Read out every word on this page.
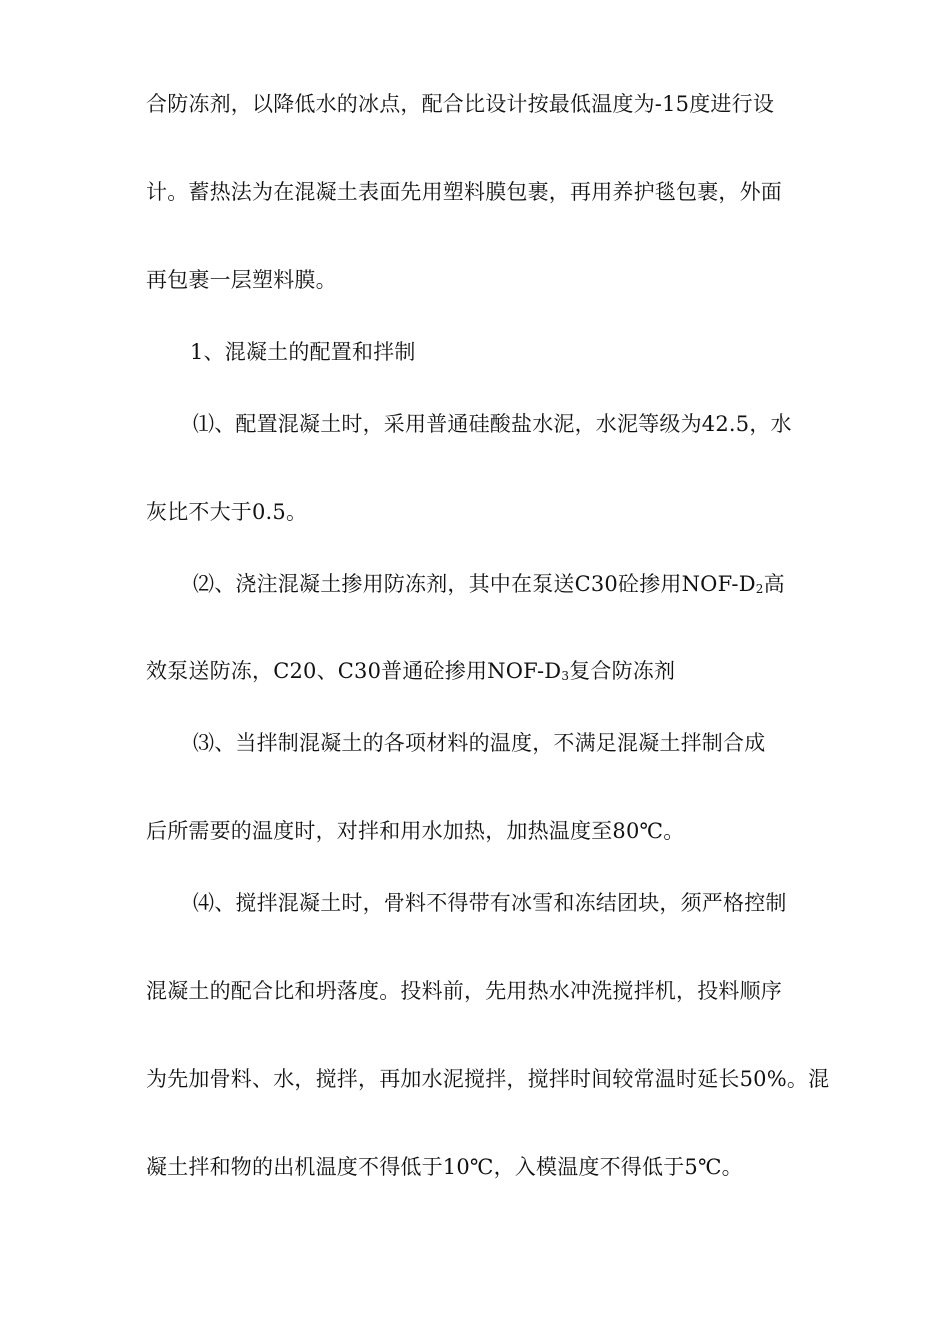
合防冻剂，以降低水的冰点，配合比设计按最低温度为-15度进行设
计。蓄热法为在混凝土表面先用塑料膜包裹，再用养护毯包裹，外面
再包裹一层塑料膜。
1、混凝土的配置和拌制
⑴、配置混凝土时，采用普通硅酸盐水泥，水泥等级为42.5，水
灰比不大于0.5。
⑵、浇注混凝土掺用防冻剂，其中在泵送C30砼掺用NOF-$D_2$高
效泵送防冻，C20、C30普通砼掺用NOF-$D_3$复合防冻剂
⑶、当拌制混凝土的各项材料的温度，不满足混凝土拌制合成
后所需要的温度时，对拌和用水加热，加热温度至80℃。
⑷、搅拌混凝土时，骨料不得带有冰雪和冻结团块，须严格控制
混凝土的配合比和坍落度。投料前，先用热水冲洗搅拌机，投料顺序
为先加骨料、水，搅拌，再加水泥搅拌，搅拌时间较常温时延长50%。混
凝土拌和物的出机温度不得低于10℃，入模温度不得低于5℃。
